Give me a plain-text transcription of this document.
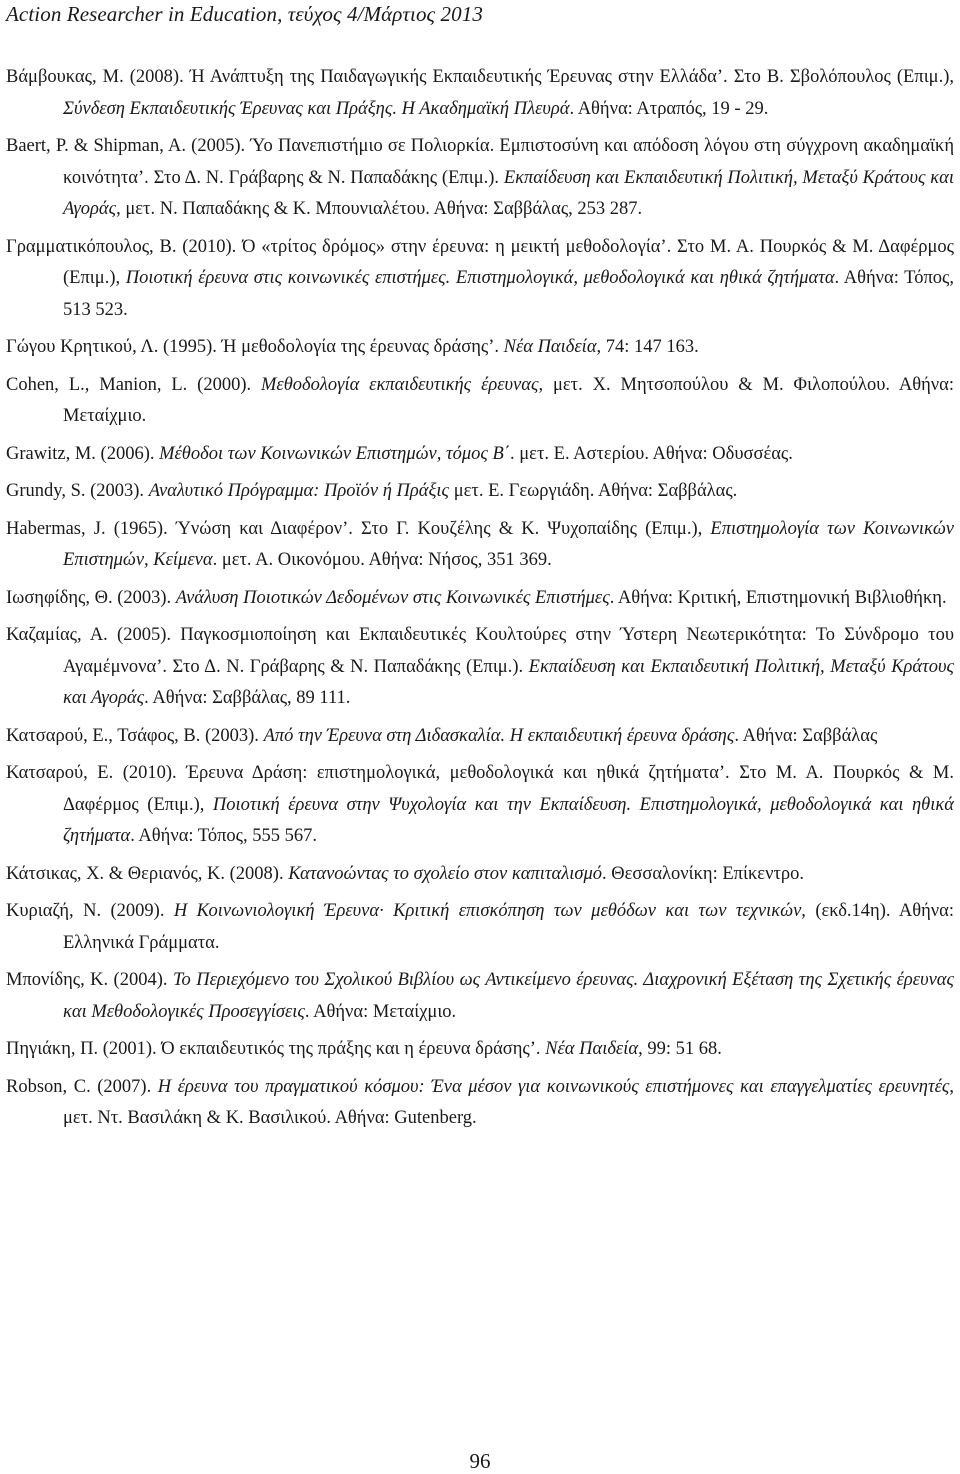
Action Researcher in Education, τεύχος 4/Μάρτιος 2013

Βάμβουκας, Μ. (2008). Ή Ανάπτυξη της Παιδαγωγικής Εκπαιδευτικής Έρευνας στην Ελλάδα’. Στο Β. Σβολόπουλος (Επιμ.), Σύνδεση Εκπαιδευτικής Έρευνας και Πράξης. Η Ακαδημαϊκή Πλευρά. Αθήνα: Ατραπός, 19 - 29.

Baert, P. & Shipman, A. (2005). Ύο Πανεπιστήμιο σε Πολιορκία. Εμπιστοσύνη και απόδοση λόγου στη σύγχρονη ακαδημαϊκή κοινότητα’. Στο Δ. Ν. Γράβαρης & Ν. Παπαδάκης (Επιμ.). Εκπαίδευση και Εκπαιδευτική Πολιτική, Μεταξύ Κράτους και Αγοράς, μετ. Ν. Παπαδάκης & Κ. Μπουνιαλέτου. Αθήνα: Σαββάλας, 253 287.

Γραμματικόπουλος, Β. (2010). Ό «τρίτος δρόμος» στην έρευνα: η μεικτή μεθοδολογία’. Στο Μ. Α. Πουρκός & Μ. Δαφέρμος (Επιμ.), Ποιοτική έρευνα στις κοινωνικές επιστήμες. Επιστημολογικά, μεθοδολογικά και ηθικά ζητήματα. Αθήνα: Τόπος, 513 523.

Γώγου Κρητικού, Λ. (1995). Ή μεθοδολογία της έρευνας δράσης’. Νέα Παιδεία, 74: 147 163.

Cohen, L., Manion, L. (2000). Μεθοδολογία εκπαιδευτικής έρευνας, μετ. Χ. Μητσοπούλου & Μ. Φιλοπούλου. Αθήνα: Μεταίχμιο.

Grawitz, M. (2006). Μέθοδοι των Κοινωνικών Επιστημών, τόμος Β΄. μετ. Ε. Αστερίου. Αθήνα: Οδυσσέας.

Grundy, S. (2003). Αναλυτικό Πρόγραμμα: Προϊόν ή Πράξις μετ. Ε. Γεωργιάδη. Αθήνα: Σαββάλας.

Habermas, J. (1965). Ύνώση και Διαφέρον’. Στο Γ. Κουζέλης & Κ. Ψυχοπαίδης (Επιμ.), Επιστημολογία των Κοινωνικών Επιστημών, Κείμενα. μετ. Α. Οικονόμου. Αθήνα: Νήσος, 351 369.

Ιωσηφίδης, Θ. (2003). Ανάλυση Ποιοτικών Δεδομένων στις Κοινωνικές Επιστήμες. Αθήνα: Κριτική, Επιστημονική Βιβλιοθήκη.

Καζαμίας, Α. (2005). Παγκοσμιοποίηση και Εκπαιδευτικές Κουλτούρες στην Ύστερη Νεωτερικότητα: Το Σύνδρομο του Αγαμέμνονα’. Στο Δ. Ν. Γράβαρης & Ν. Παπαδάκης (Επιμ.). Εκπαίδευση και Εκπαιδευτική Πολιτική, Μεταξύ Κράτους και Αγοράς. Αθήνα: Σαββάλας, 89 111.

Κατσαρού, Ε., Τσάφος, Β. (2003). Από την Έρευνα στη Διδασκαλία. Η εκπαιδευτική έρευνα δράσης. Αθήνα: Σαββάλας

Κατσαρού, Ε. (2010). Έρευνα Δράση: επιστημολογικά, μεθοδολογικά και ηθικά ζητήματα’. Στο Μ. Α. Πουρκός & Μ. Δαφέρμος (Επιμ.), Ποιοτική έρευνα στην Ψυχολογία και την Εκπαίδευση. Επιστημολογικά, μεθοδολογικά και ηθικά ζητήματα. Αθήνα: Τόπος, 555 567.

Κάτσικας, Χ. & Θεριανός, Κ. (2008). Κατανοώντας το σχολείο στον καπιταλισμό. Θεσσαλονίκη: Επίκεντρο.

Κυριαζή, Ν. (2009). Η Κοινωνιολογική Έρευνα· Κριτική επισκόπηση των μεθόδων και των τεχνικών, (εκδ.14η). Αθήνα: Ελληνικά Γράμματα.

Μπονίδης, Κ. (2004). Το Περιεχόμενο του Σχολικού Βιβλίου ως Αντικείμενο έρευνας. Διαχρονική Εξέταση της Σχετικής έρευνας και Μεθοδολογικές Προσεγγίσεις. Αθήνα: Μεταίχμιο.

Πηγιάκη, Π. (2001). Ό εκπαιδευτικός της πράξης και η έρευνα δράσης’. Νέα Παιδεία, 99: 51 68.

Robson, C. (2007). Η έρευνα του πραγματικού κόσμου: Ένα μέσον για κοινωνικούς επιστήμονες και επαγγελματίες ερευνητές, μετ. Ντ. Βασιλάκη & Κ. Βασιλικού. Αθήνα: Gutenberg.

96
